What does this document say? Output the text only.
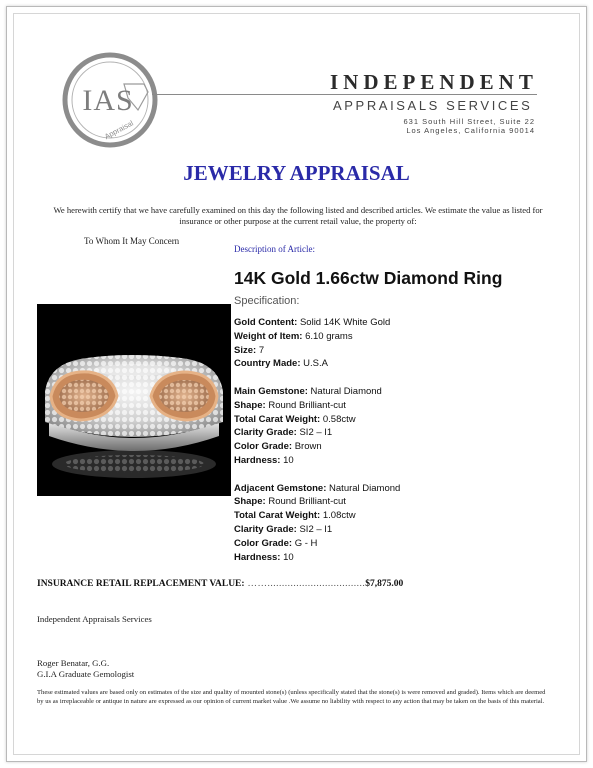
IAS
Appraisal
INDEPENDENT
APPRAISALS SERVICES
631 South Hill Street, Suite 22
Los Angeles, California 90014
JEWELRY APPRAISAL
We herewith certify that we have carefully examined on this day the following listed and described articles. We estimate the value as listed for insurance or other purpose at the current retail value, the property of:
To Whom It May Concern
Description of Article:
14K Gold 1.66ctw Diamond Ring
Specification:
Gold Content: Solid 14K White Gold
Weight of Item: 6.10 grams
Size: 7
Country Made: U.S.A
Main Gemstone: Natural Diamond
Shape: Round Brilliant-cut
Total Carat Weight: 0.58ctw
Clarity Grade: SI2 – I1
Color Grade: Brown
Hardness: 10
Adjacent Gemstone: Natural Diamond
Shape: Round Brilliant-cut
Total Carat Weight: 1.08ctw
Clarity Grade: SI2 – I1
Color Grade: G - H
Hardness: 10
INSURANCE RETAIL REPLACEMENT VALUE: ……..................................$7,875.00
Independent Appraisals Services
Roger Benatar, G.G.
G.I.A Graduate Gemologist
These estimated values are based only on estimates of the size and quality of mounted stone(s) (unless specifically stated that the stone(s) is were removed and graded). Items which are deemed by us as irreplaceable or antique in nature are expressed as our opinion of current market value .We assume no liability with respect to any action that may be taken on the basis of this material.
